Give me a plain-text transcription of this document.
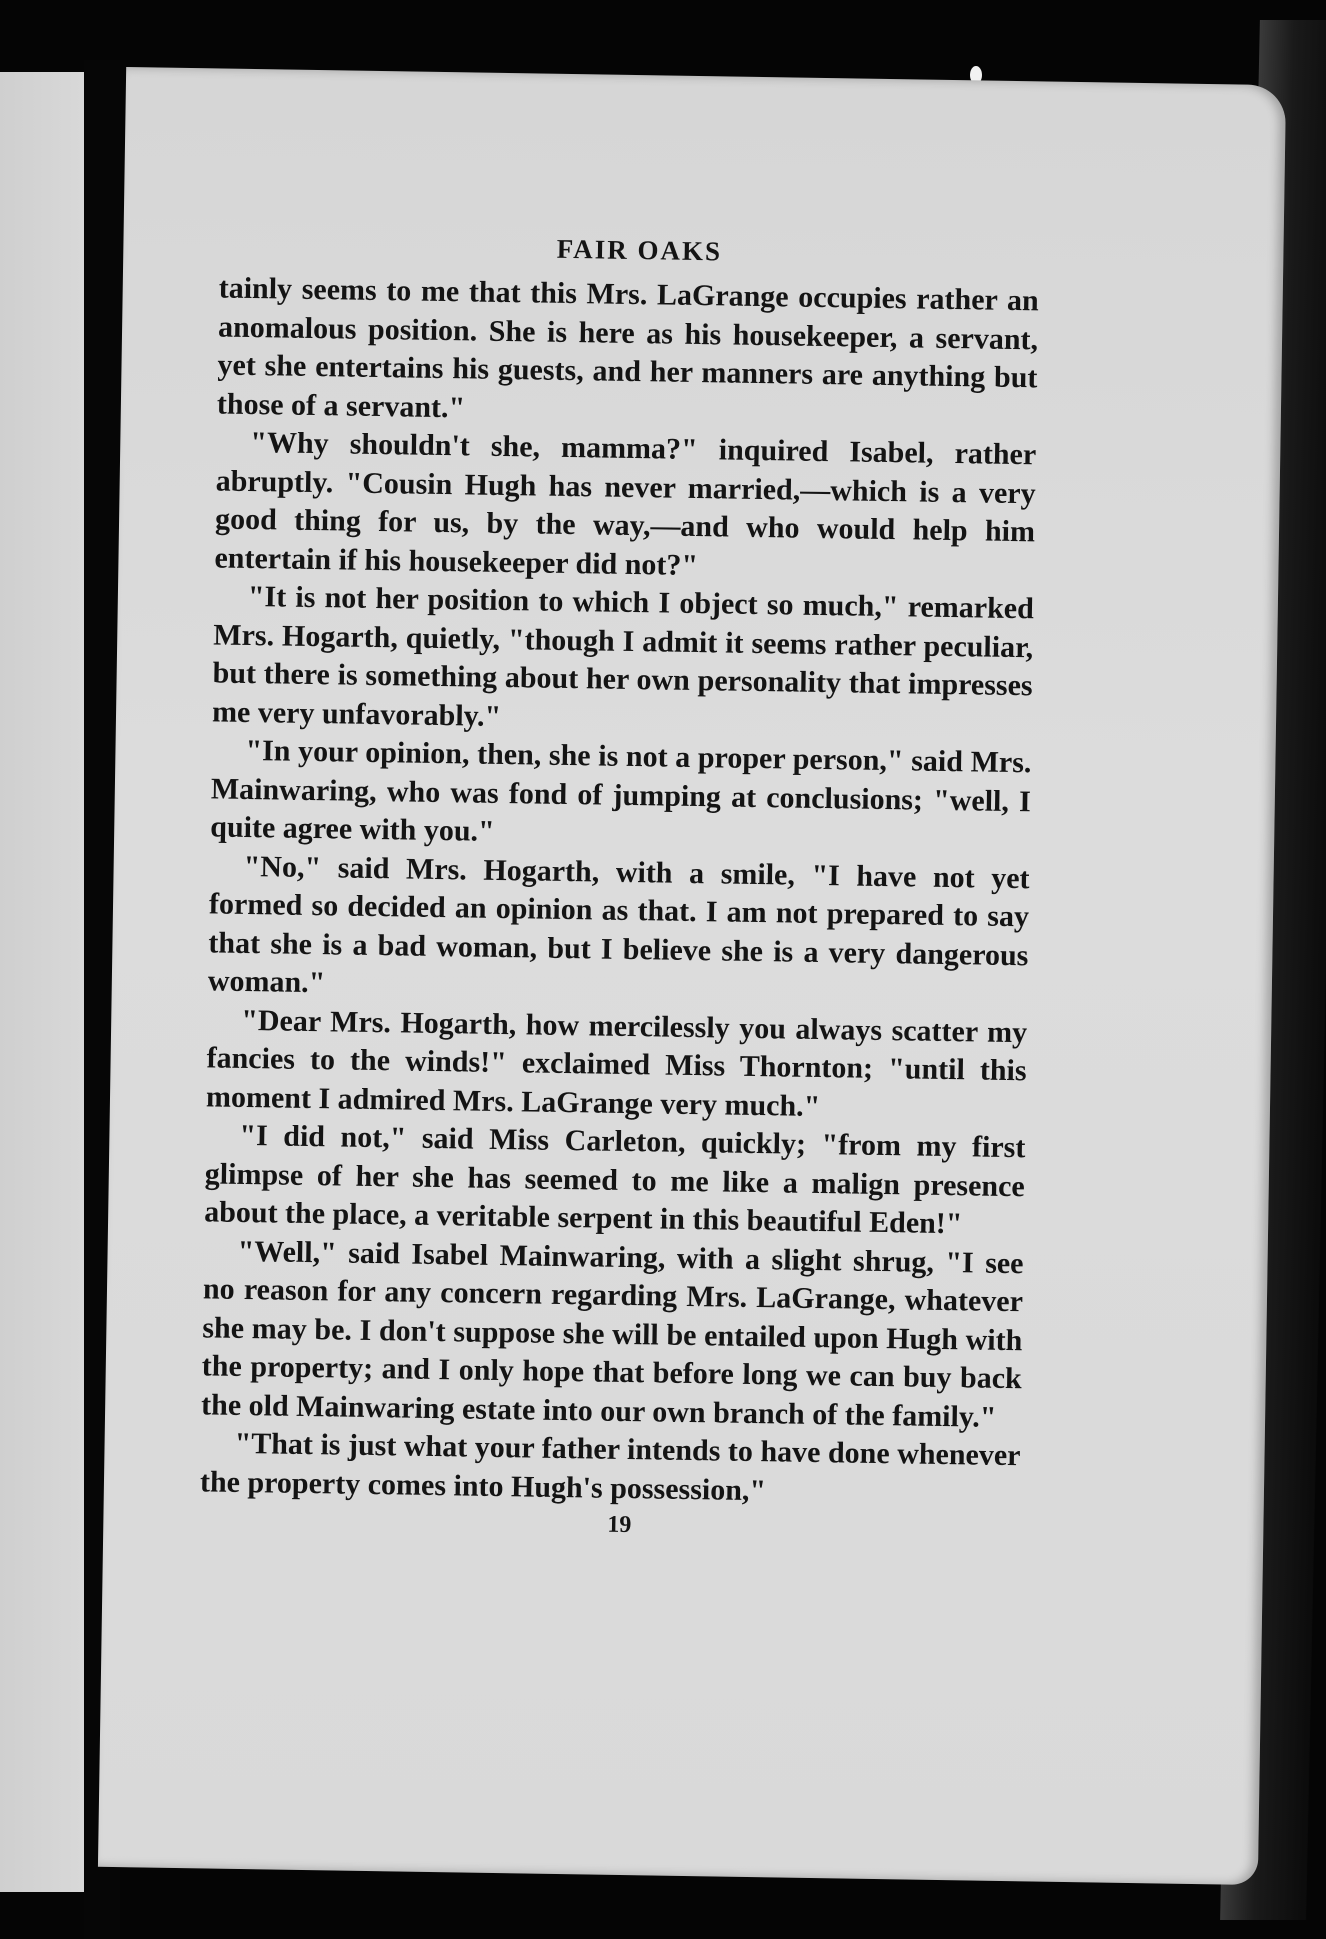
FAIR OAKS

tainly seems to me that this Mrs. LaGrange occupies rather an anomalous position. She is here as his housekeeper, a servant, yet she entertains his guests, and her manners are anything but those of a servant."

"Why shouldn't she, mamma?" inquired Isabel, rather abruptly. "Cousin Hugh has never married,—which is a very good thing for us, by the way,—and who would help him entertain if his housekeeper did not?"

"It is not her position to which I object so much," remarked Mrs. Hogarth, quietly, "though I admit it seems rather peculiar, but there is something about her own personality that impresses me very unfavorably."

"In your opinion, then, she is not a proper person," said Mrs. Mainwaring, who was fond of jumping at conclusions; "well, I quite agree with you."

"No," said Mrs. Hogarth, with a smile, "I have not yet formed so decided an opinion as that. I am not prepared to say that she is a bad woman, but I believe she is a very dangerous woman."

"Dear Mrs. Hogarth, how mercilessly you always scatter my fancies to the winds!" exclaimed Miss Thornton; "until this moment I admired Mrs. LaGrange very much."

"I did not," said Miss Carleton, quickly; "from my first glimpse of her she has seemed to me like a malign presence about the place, a veritable serpent in this beautiful Eden!"

"Well," said Isabel Mainwaring, with a slight shrug, "I see no reason for any concern regarding Mrs. LaGrange, whatever she may be. I don't suppose she will be entailed upon Hugh with the property; and I only hope that before long we can buy back the old Mainwaring estate into our own branch of the family."

"That is just what your father intends to have done whenever the property comes into Hugh's possession,"

19
